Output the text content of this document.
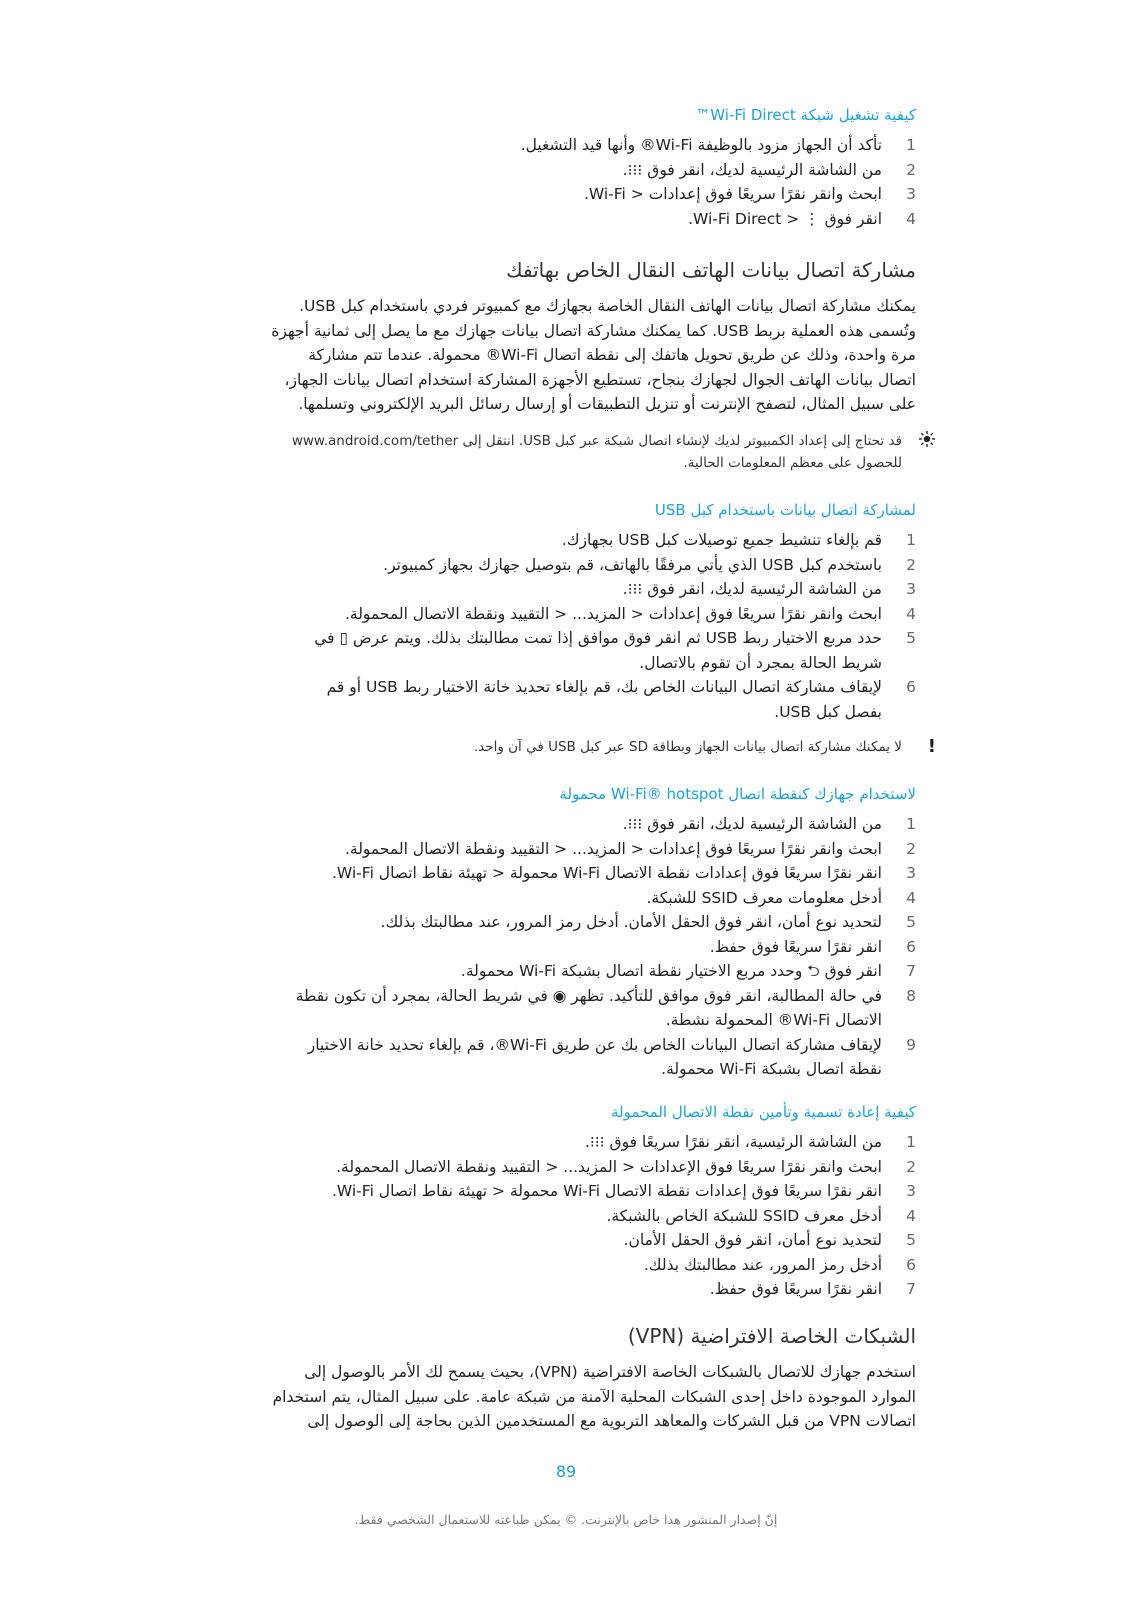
كيفية تشغيل شبكة Wi-Fi Direct™
1
تأكد أن الجهاز مزود بالوظيفة Wi-Fi® وأنها قيد التشغيل.
2
من الشاشة الرئيسية لديك، انقر فوق ⁝⁝⁝.
3
ابحث وانقر نقرًا سريعًا فوق إعدادات < Wi-Fi.
4
انقر فوق ⋮ < Wi-Fi Direct.
مشاركة اتصال بيانات الهاتف النقال الخاص بهاتفك
يمكنك مشاركة اتصال بيانات الهاتف النقال الخاصة بجهازك مع كمبيوتر فردي باستخدام كبل USB.
وتُسمى هذه العملية بربط USB. كما يمكنك مشاركة اتصال بيانات جهازك مع ما يصل إلى ثمانية أجهزة
مرة واحدة، وذلك عن طريق تحويل هاتفك إلى نقطة اتصال Wi-Fi® محمولة. عندما تتم مشاركة
اتصال بيانات الهاتف الجوال لجهازك بنجاح، تستطيع الأجهزة المشاركة استخدام اتصال بيانات الجهاز،
على سبيل المثال، لتصفح الإنترنت أو تنزيل التطبيقات أو إرسال رسائل البريد الإلكتروني وتسلمها.
قد تحتاج إلى إعداد الكمبيوتر لديك لإنشاء اتصال شبكة عبر كبل USB. انتقل إلى www.android.com/tether
للحصول على معظم المعلومات الحالية.
لمشاركة اتصال بيانات باستخدام كبل USB
1
قم بإلغاء تنشيط جميع توصيلات كبل USB بجهازك.
2
باستخدم كبل USB الذي يأتي مرفقًا بالهاتف، قم بتوصيل جهازك بجهاز كمبيوتر.
3
من الشاشة الرئيسية لديك، انقر فوق ⁝⁝⁝.
4
ابحث وانقر نقرًا سريعًا فوق إعدادات < المزيد... < التقييد ونقطة الاتصال المحمولة.
5
حدد مربع الاختيار ربط USB ثم انقر فوق موافق إذا تمت مطالبتك بذلك. ويتم عرض ▯ في
شريط الحالة بمجرد أن تقوم بالاتصال.
6
لإيقاف مشاركة اتصال البيانات الخاص بك، قم بإلغاء تحديد خانة الاختيار ربط USB أو قم
بفصل كبل USB.
!
لا يمكنك مشاركة اتصال بيانات الجهاز وبطاقة SD عبر كبل USB في آن واحد.
لاستخدام جهازك كنقطة اتصال Wi-Fi® hotspot محمولة
1
من الشاشة الرئيسية لديك، انقر فوق ⁝⁝⁝.
2
ابحث وانقر نقرًا سريعًا فوق إعدادات < المزيد... < التقييد ونقطة الاتصال المحمولة.
3
انقر نقرًا سريعًا فوق إعدادات نقطة الاتصال Wi-Fi محمولة < تهيئة نقاط اتصال Wi-Fi.
4
أدخل معلومات معرف SSID للشبكة.
5
لتحديد نوع أمان، انقر فوق الحقل الأمان. أدخل رمز المرور، عند مطالبتك بذلك.
6
انقر نقرًا سريعًا فوق حفظ.
7
انقر فوق ⮌ وحدد مربع الاختيار نقطة اتصال بشبكة Wi-Fi محمولة.
8
في حالة المطالبة، انقر فوق موافق للتأكيد. تظهر ◉ في شريط الحالة، بمجرد أن تكون نقطة
الاتصال Wi-Fi® المحمولة نشطة.
9
لإيقاف مشاركة اتصال البيانات الخاص بك عن طريق Wi-Fi®، قم بإلغاء تحديد خانة الاختيار
نقطة اتصال بشبكة Wi-Fi محمولة.
كيفية إعادة تسمية وتأمين نقطة الاتصال المحمولة
1
من الشاشة الرئيسية، انقر نقرًا سريعًا فوق ⁝⁝⁝.
2
ابحث وانقر نقرًا سريعًا فوق الإعدادات < المزيد... < التقييد ونقطة الاتصال المحمولة.
3
انقر نقرًا سريعًا فوق إعدادات نقطة الاتصال Wi-Fi محمولة < تهيئة نقاط اتصال Wi-Fi.
4
أدخل معرف SSID للشبكة الخاص بالشبكة.
5
لتحديد نوع أمان، انقر فوق الحقل الأمان.
6
أدخل رمز المرور، عند مطالبتك بذلك.
7
انقر نقرًا سريعًا فوق حفظ.
الشبكات الخاصة الافتراضية (VPN)
استخدم جهازك للاتصال بالشبكات الخاصة الافتراضية (VPN)، بحيث يسمح لك الأمر بالوصول إلى
الموارد الموجودة داخل إحدى الشبكات المحلية الآمنة من شبكة عامة. على سبيل المثال، يتم استخدام
اتصالات VPN من قبل الشركات والمعاهد التربوية مع المستخدمين الذين بحاجة إلى الوصول إلى
89
إنّ إصدار المنشور هذا خاص بالإنترنت. © يمكن طباعته للاستعمال الشخصي فقط.
